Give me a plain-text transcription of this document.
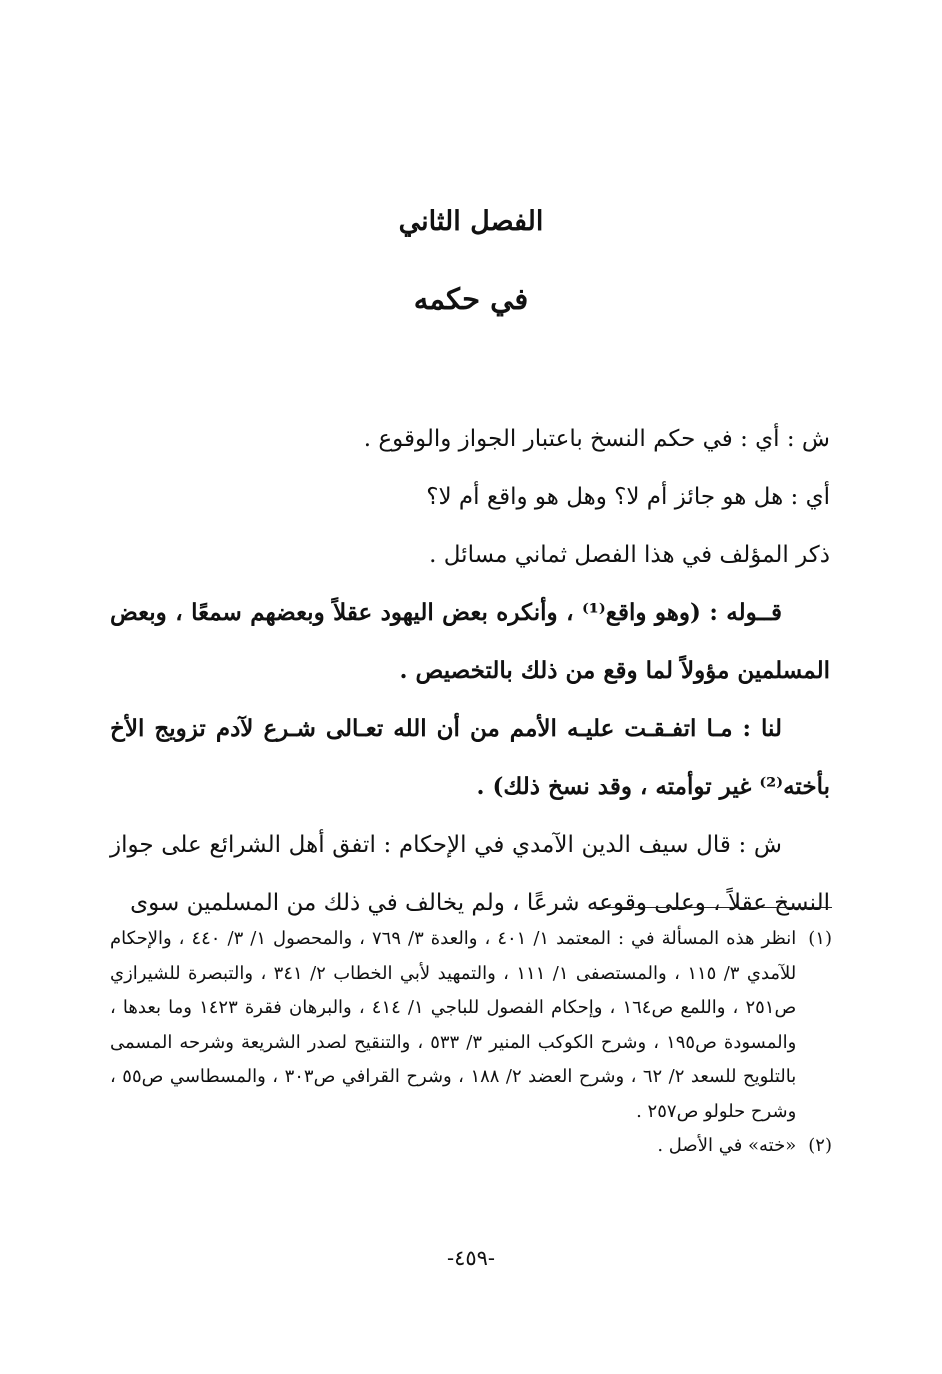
الفصل الثاني
في حكمه

ش : أي : في حكم النسخ باعتبار الجواز والوقوع .

أي : هل هو جائز أم لا؟ وهل هو واقع أم لا؟

ذكر المؤلف في هذا الفصل ثماني مسائل .

قــوله : (وهو واقع⁽¹⁾ ، وأنكره بعض اليهود عقلاً وبعضهم سمعًا ، وبعض المسلمين مؤولاً لما وقع من ذلك بالتخصيص .

لنا : مـا اتفـقـت عليـه الأمم من أن الله تعـالى شـرع لآدم تزويج الأخ بأخته⁽²⁾ غير توأمته ، وقد نسخ ذلك) .

ش : قال سيف الدين الآمدي في الإحكام : اتفق أهل الشرائع على جواز النسخ عقلاً ، وعلى وقوعه شرعًا ، ولم يخالف في ذلك من المسلمين سوى

(١)
انظر هذه المسألة في : المعتمد ١/ ٤٠١ ، والعدة ٣/ ٧٦٩ ، والمحصول ١/ ٣/ ٤٤٠ ، والإحكام للآمدي ٣/ ١١٥ ، والمستصفى ١/ ١١١ ، والتمهيد لأبي الخطاب ٢/ ٣٤١ ، والتبصرة للشيرازي ص٢٥١ ، واللمع ص١٦٤ ، وإحكام الفصول للباجي ١/ ٤١٤ ، والبرهان فقرة ١٤٢٣ وما بعدها ، والمسودة ص١٩٥ ، وشرح الكوكب المنير ٣/ ٥٣٣ ، والتنقيح لصدر الشريعة وشرحه المسمى بالتلويح للسعد ٢/ ٦٢ ، وشرح العضد ٢/ ١٨٨ ، وشرح القرافي ص٣٠٣ ، والمسطاسي ص٥٥ ، وشرح حلولو ص٢٥٧ .
(٢)
«خته» في الأصل .
-٤٥٩-
